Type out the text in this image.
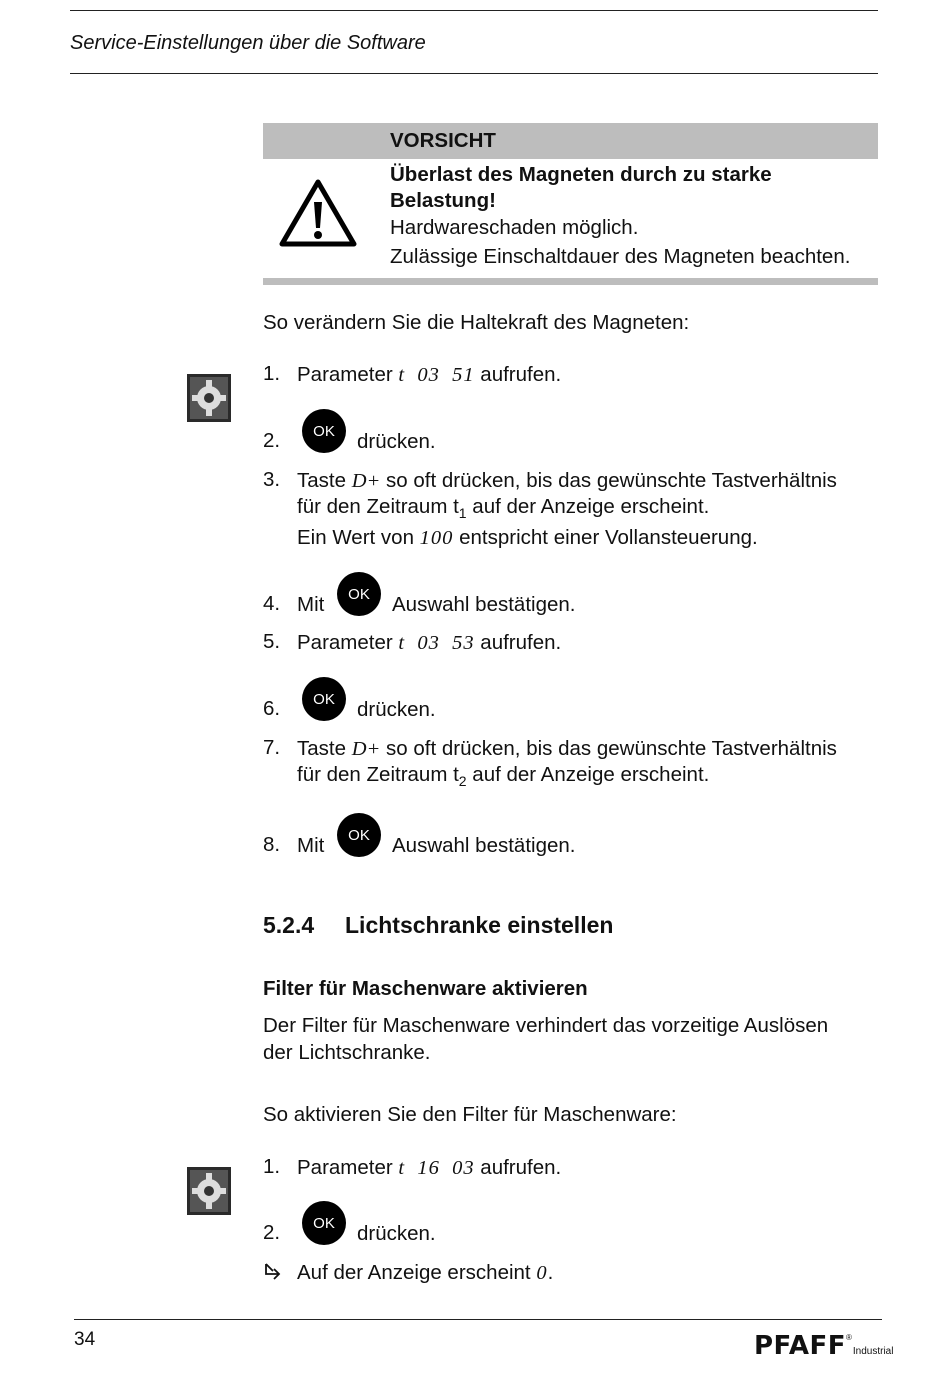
Service-Einstellungen über die Software
VORSICHT
Überlast des Magneten durch zu starke
Belastung!
Hardwareschaden möglich.
Zulässige Einschaltdauer des Magneten beachten.
So verändern Sie die Haltekraft des Magneten:
1. Parameter t  03  51 aufrufen.
2.	OK	drücken.
3. Taste D+ so oft drücken, bis das gewünschte Tastverhältnis
für den Zeitraum $t_1$ auf der Anzeige erscheint.
Ein Wert von 100 entspricht einer Vollansteuerung.
4. Mit	OK	Auswahl bestätigen.
5. Parameter t  03  53 aufrufen.
6.	OK	drücken.
7. Taste D+ so oft drücken, bis das gewünschte Tastverhältnis
für den Zeitraum $t_2$ auf der Anzeige erscheint.
8. Mit	OK	Auswahl bestätigen.
5.2.4 Lichtschranke einstellen
Filter für Maschenware aktivieren
Der Filter für Maschenware verhindert das vorzeitige Auslösen
der Lichtschranke.
So aktivieren Sie den Filter für Maschenware:
1. Parameter t  16  03 aufrufen.
2.	OK	drücken.
Auf der Anzeige erscheint 0.
34	PFAFF®Industrial
